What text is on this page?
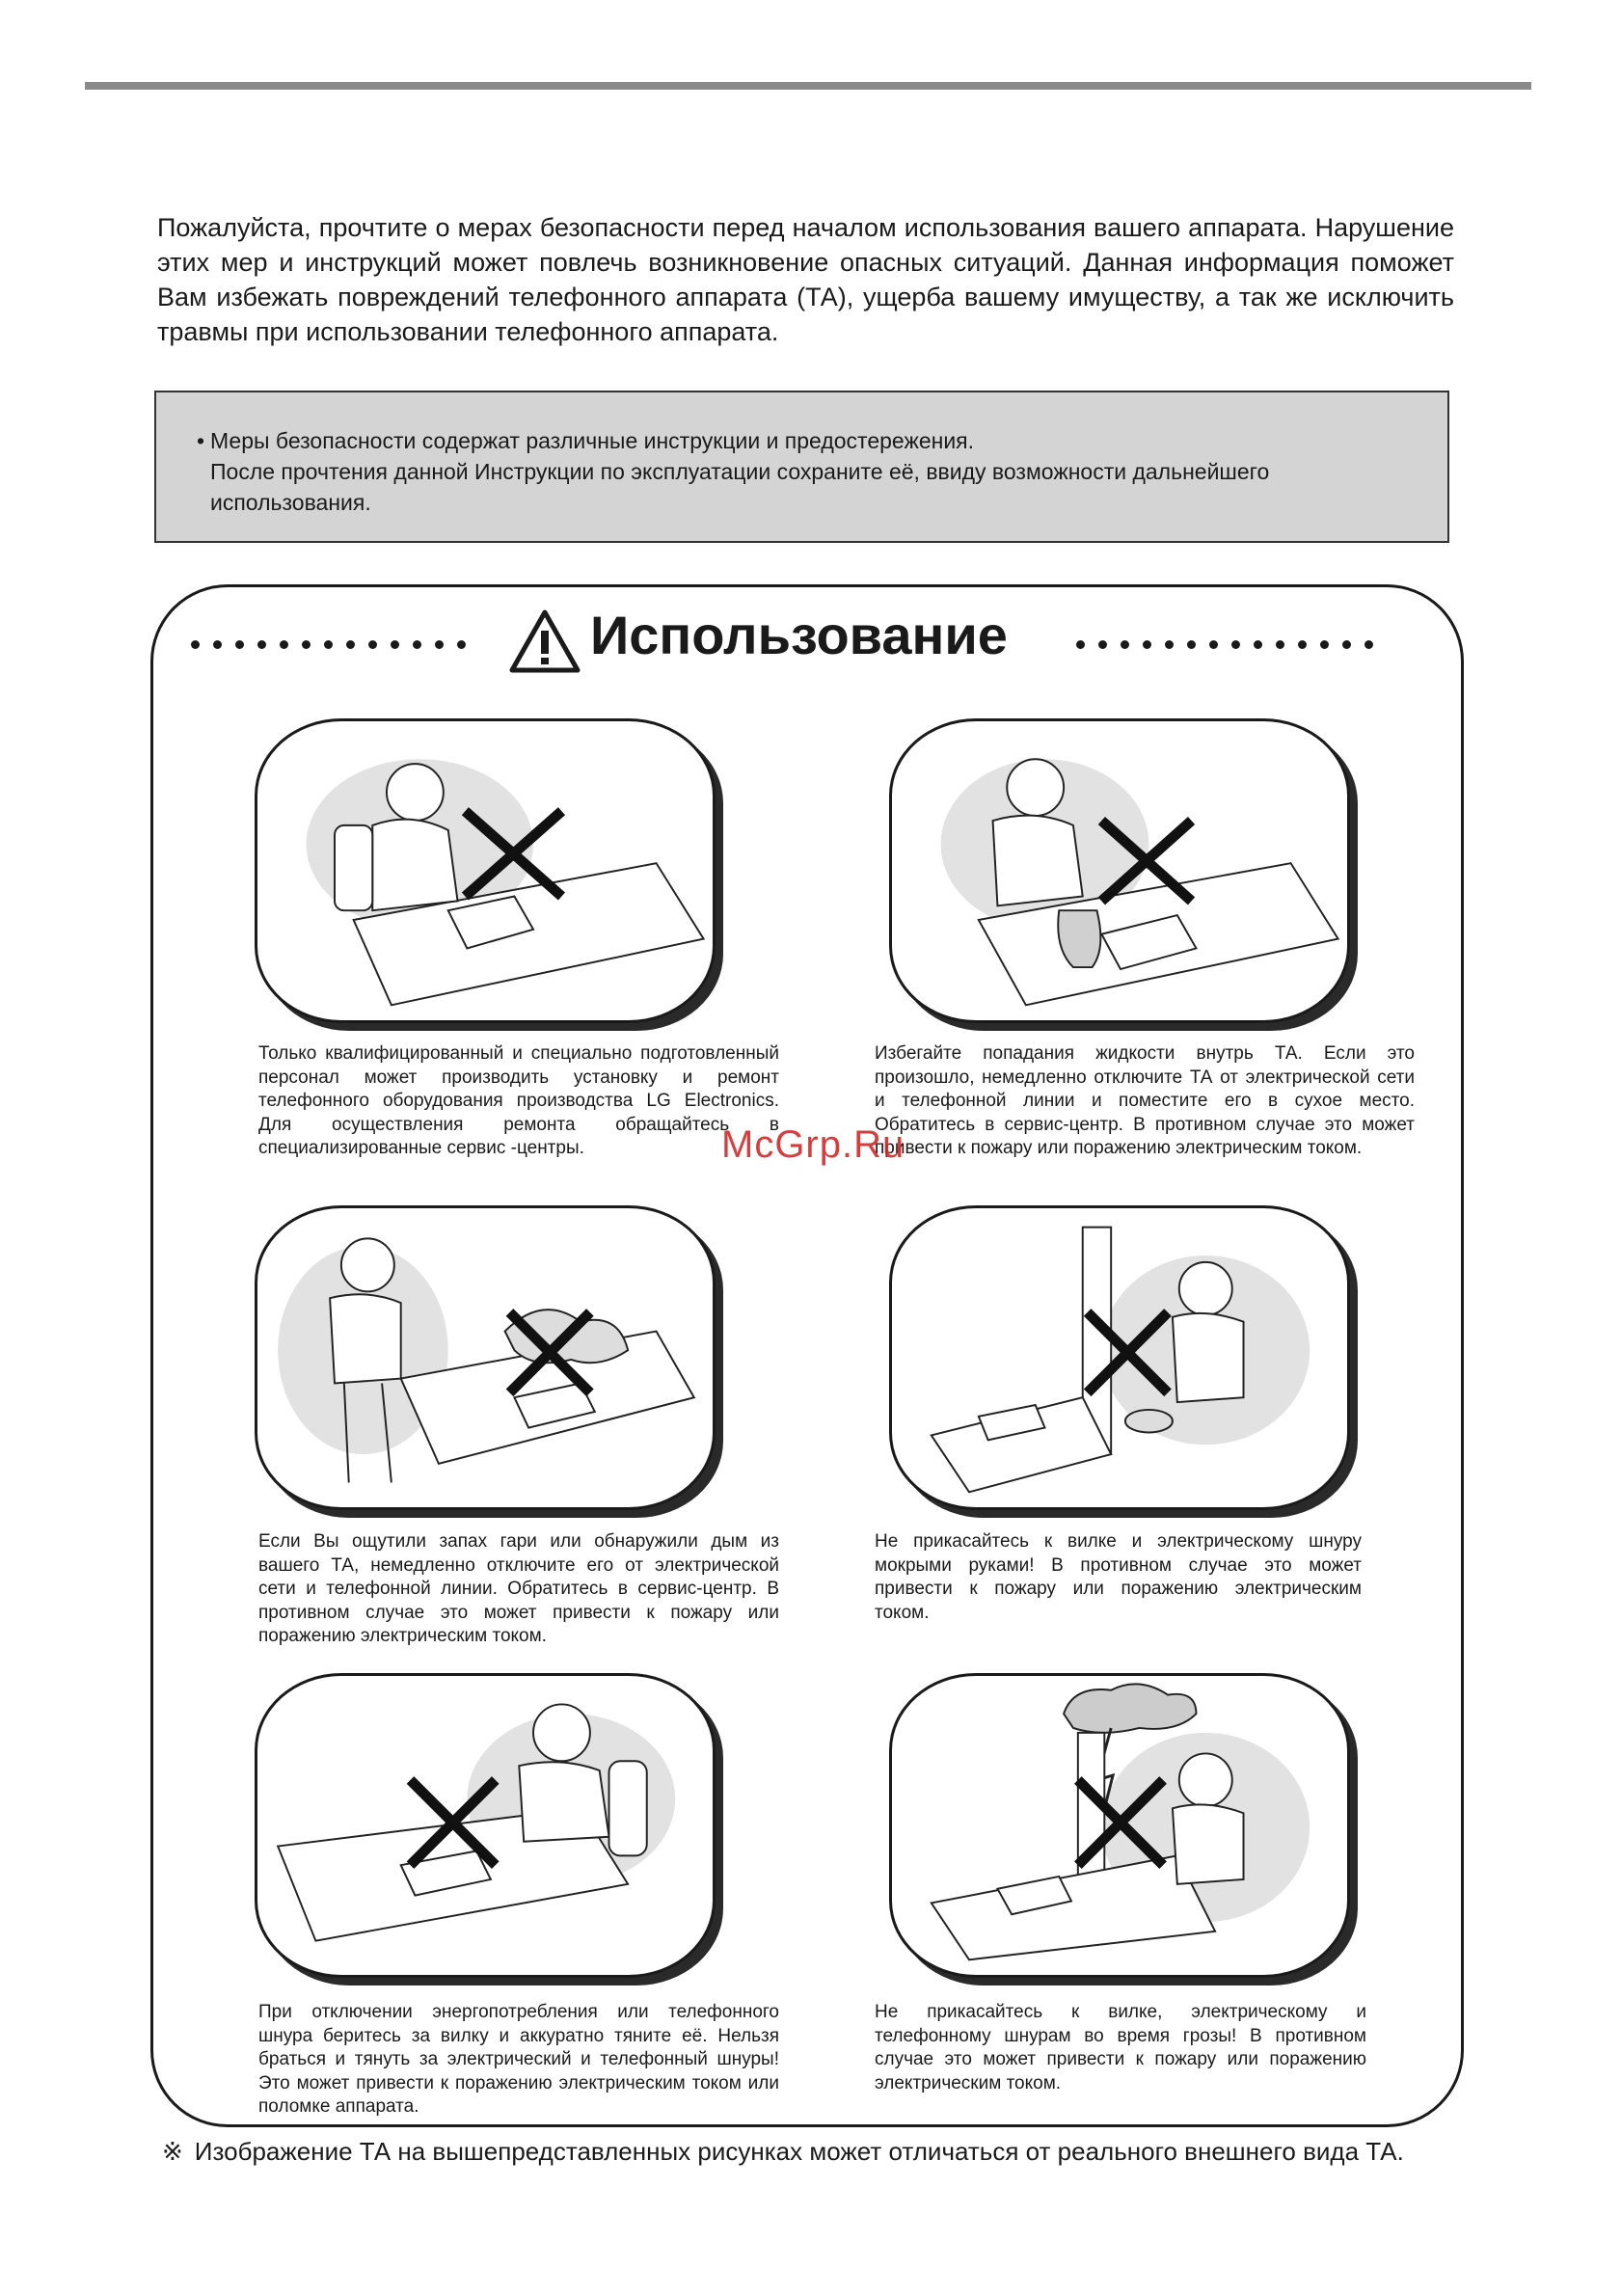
Пожалуйста, прочтите о мерах безопасности перед началом использования вашего аппарата. Нарушение этих мер и инструкций может повлечь возникновение опасных ситуаций. Данная информация поможет Вам избежать повреждений телефонного аппарата (ТА), ущерба вашему имуществу, а так же исключить травмы при использовании телефонного аппарата.

• Меры безопасности содержат различные инструкции и предостережения.
После прочтения данной Инструкции по эксплуатации сохраните её, ввиду возможности дальнейшего использования.
Использование

Только квалифицированный и специально подготовленный персонал может производить установку и ремонт телефонного оборудования производства LG Electronics. Для осуществления ремонта обращайтесь в специализированные сервис -центры.

Избегайте попадания жидкости внутрь ТА. Если это произошло, немедленно отключите ТА от электрической сети и телефонной линии и поместите его в сухое место. Обратитесь в сервис-центр. В противном случае это может привести к пожару или поражению электрическим током.

Если Вы ощутили запах гари или обнаружили дым из вашего ТА, немедленно отключите его от электрической сети и телефонной линии. Обратитесь в сервис-центр. В противном случае это может привести к пожару или поражению электрическим током.

Не прикасайтесь к вилке и электрическому шнуру мокрыми руками! В противном случае это может привести к пожару или поражению электрическим током.

При отключении энергопотребления или телефонного шнура беритесь за вилку и аккуратно тяните её. Нельзя браться и тянуть за электрический и телефонный шнуры! Это может привести к поражению электрическим током или поломке аппарата.

Не прикасайтесь к вилке, электрическому и телефонному шнурам во время грозы! В противном случае это может привести к пожару или поражению электрическим током.

McGrp.Ru

※ Изображение ТА на вышепредставленных рисунках может отличаться от реального внешнего вида ТА.
